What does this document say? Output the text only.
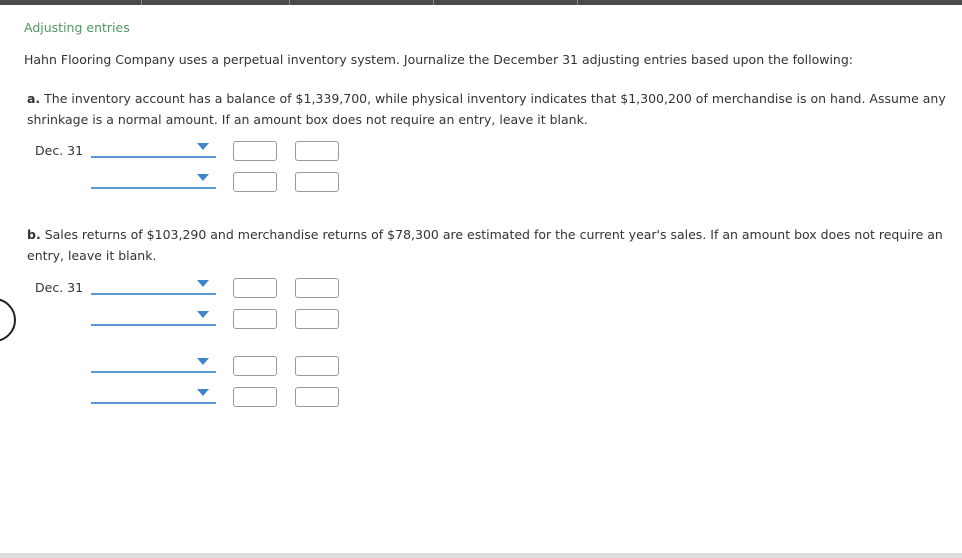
Adjusting entries
Hahn Flooring Company uses a perpetual inventory system. Journalize the December 31 adjusting entries based upon the following:
a. The inventory account has a balance of $1,339,700, while physical inventory indicates that $1,300,200 of merchandise is on hand. Assume any shrinkage is a normal amount. If an amount box does not require an entry, leave it blank.
Dec. 31
b. Sales returns of $103,290 and merchandise returns of $78,300 are estimated for the current year's sales. If an amount box does not require an entry, leave it blank.
Dec. 31
